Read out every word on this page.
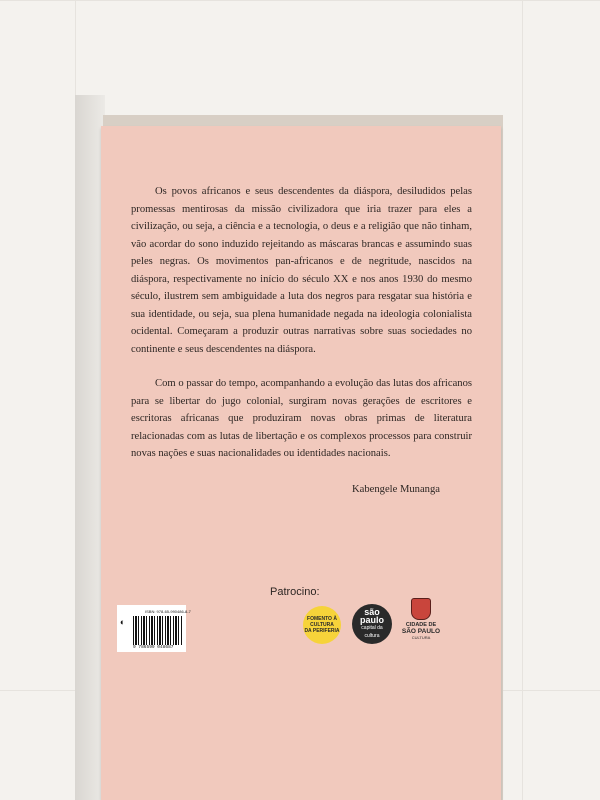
Os povos africanos e seus descendentes da diáspora, desiludidos pelas promessas mentirosas da missão civilizadora que iria trazer para eles a civilização, ou seja, a ciência e a tecnologia, o deus e a religião que não tinham, vão acordar do sono induzido rejeitando as máscaras brancas e assumindo suas peles negras. Os movimentos pan-africanos e de negritude, nascidos na diáspora, respectivamente no início do século XX e nos anos 1930 do mesmo século, ilustrem sem ambiguidade a luta dos negros para resgatar sua história e sua identidade, ou seja, sua plena humanidade negada na ideologia colonialista ocidental. Começaram a produzir outras narrativas sobre suas sociedades no continente e seus descendentes na diáspora.

Com o passar do tempo, acompanhando a evolução das lutas dos africanos para se libertar do jugo colonial, surgiram novas gerações de escritores e escritoras africanas que produziram novas obras primas de literatura relacionadas com as lutas de libertação e os complexos processos para construir novas nações e suas nacionalidades ou identidades nacionais.

Kabengele Munanga
Patrocino:
◐
ISBN: 978-65-990486-8-7
9 786599 048687
FOMENTO À
CULTURA
DA PERIFERIA
são
paulo
capital da
cultura
CIDADE DE
SÃO PAULO
CULTURA
